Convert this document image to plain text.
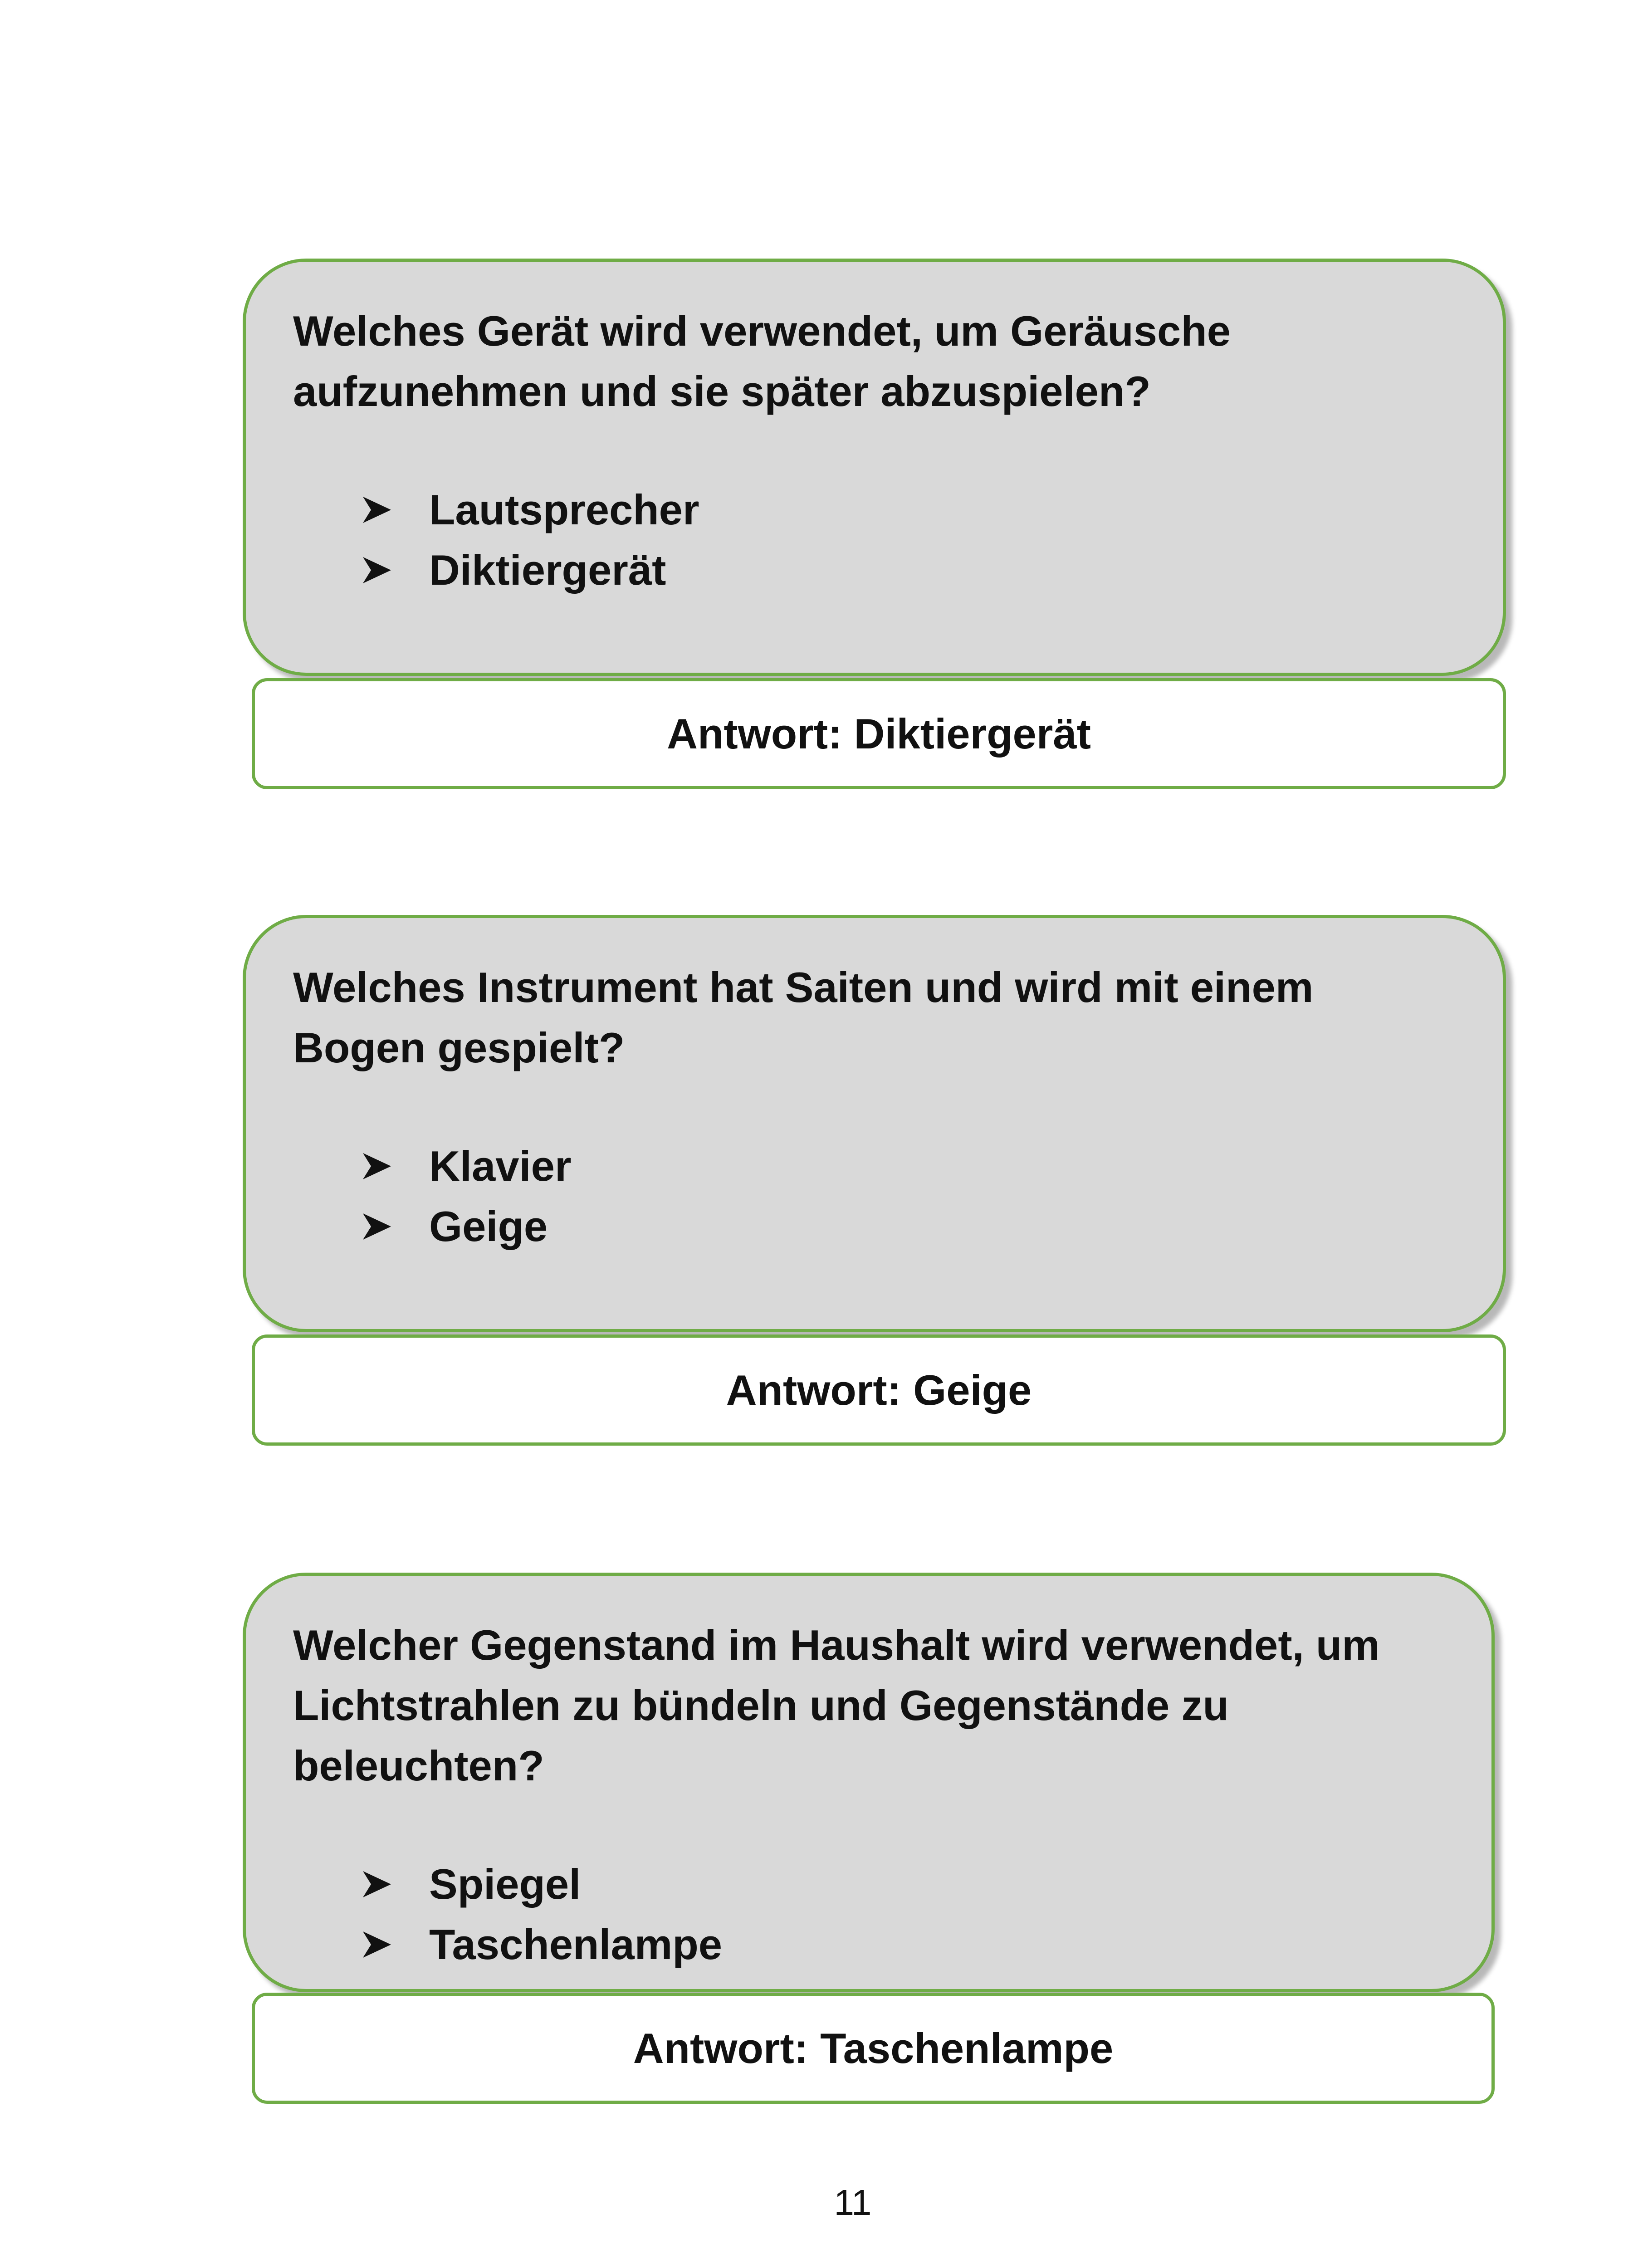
Welches Gerät wird verwendet, um Geräusche
aufzunehmen und sie später abzuspielen?

Lautsprecher
Diktiergerät
Antwort: Diktiergerät

Welches Instrument hat Saiten und wird mit einem
Bogen gespielt?

Klavier
Geige
Antwort: Geige

Welcher Gegenstand im Haushalt wird verwendet, um
Lichtstrahlen zu bündeln und Gegenstände zu
beleuchten?

Spiegel
Taschenlampe
Antwort: Taschenlampe
11
